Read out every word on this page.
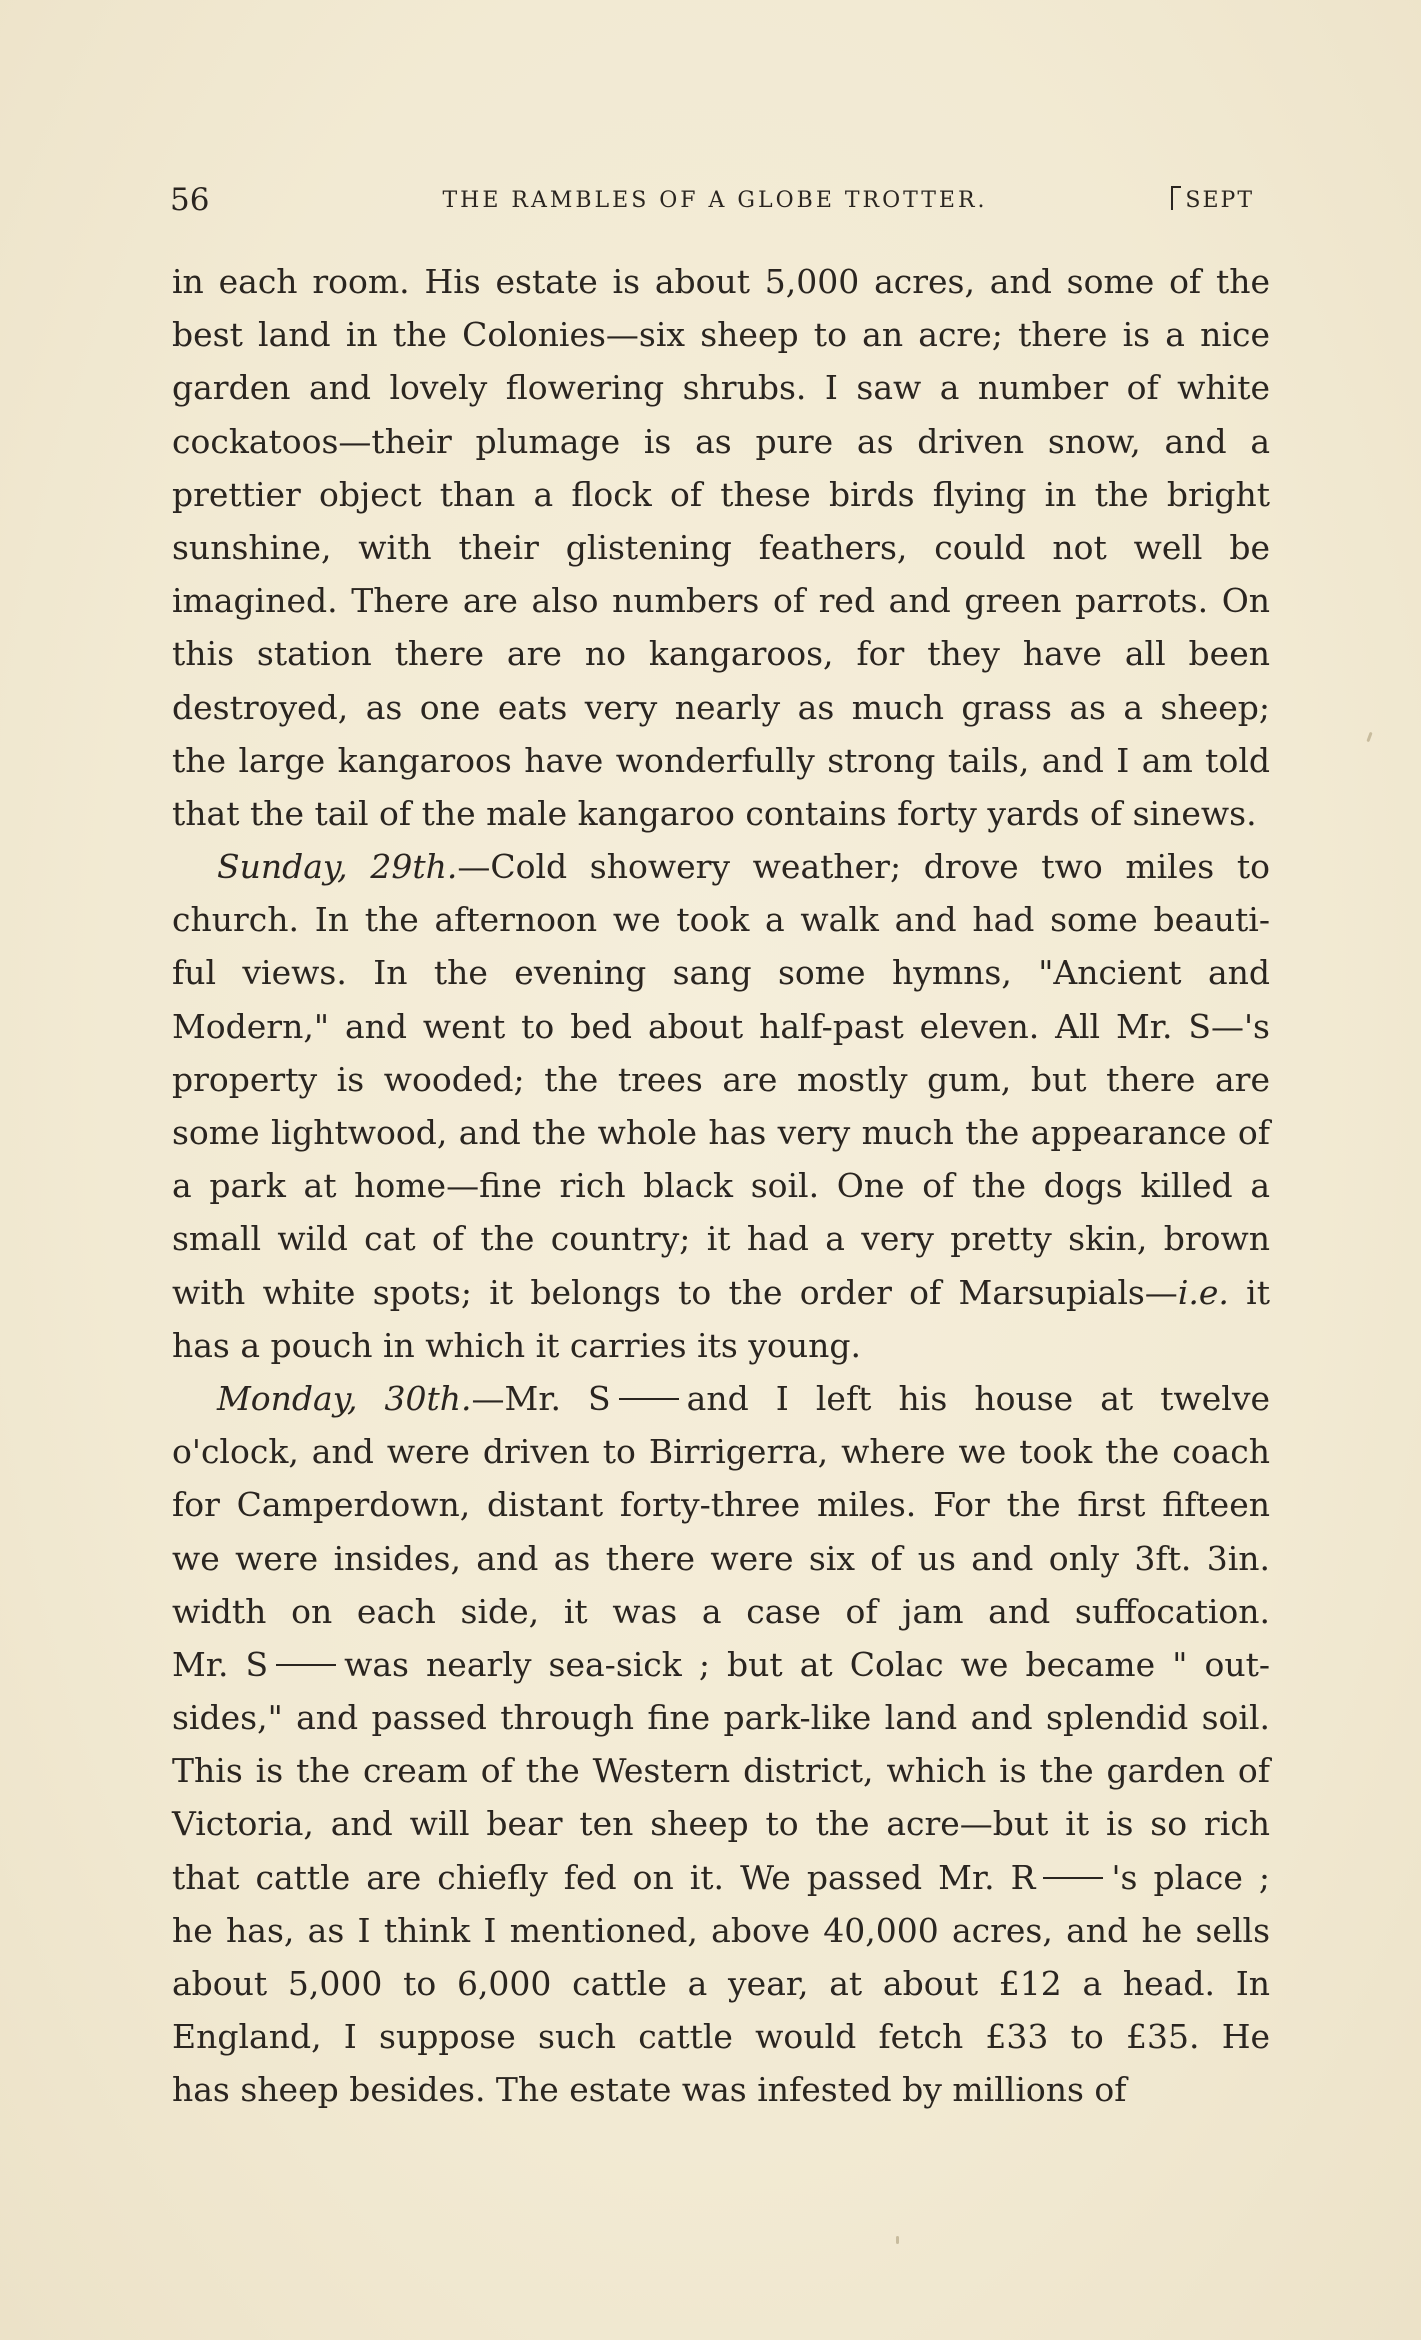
56	THE RAMBLES OF A GLOBE TROTTER.	SEPT
in each room. His estate is about 5,000 acres, and some of the
best land in the Colonies—six sheep to an acre; there is a nice
garden and lovely flowering shrubs. I saw a number of white
cockatoos—their plumage is as pure as driven snow, and a
prettier object than a flock of these birds flying in the bright
sunshine, with their glistening feathers, could not well be
imagined. There are also numbers of red and green parrots. On
this station there are no kangaroos, for they have all been
destroyed, as one eats very nearly as much grass as a sheep;
the large kangaroos have wonderfully strong tails, and I am told
that the tail of the male kangaroo contains forty yards of sinews.
Sunday, 29th.—Cold showery weather; drove two miles to
church. In the afternoon we took a walk and had some beauti-
ful views. In the evening sang some hymns, "Ancient and
Modern," and went to bed about half-past eleven. All Mr. S—'s
property is wooded; the trees are mostly gum, but there are
some lightwood, and the whole has very much the appearance of
a park at home—fine rich black soil. One of the dogs killed a
small wild cat of the country; it had a very pretty skin, brown
with white spots; it belongs to the order of Marsupials—i.e. it
has a pouch in which it carries its young.
Monday, 30th.—Mr. S and I left his house at twelve
o'clock, and were driven to Birrigerra, where we took the coach
for Camperdown, distant forty-three miles. For the first fifteen
we were insides, and as there were six of us and only 3ft. 3in.
width on each side, it was a case of jam and suffocation.
Mr. S was nearly sea-sick ; but at Colac we became " out-
sides," and passed through fine park-like land and splendid soil.
This is the cream of the Western district, which is the garden of
Victoria, and will bear ten sheep to the acre—but it is so rich
that cattle are chiefly fed on it. We passed Mr. R 's place ;
he has, as I think I mentioned, above 40,000 acres, and he sells
about 5,000 to 6,000 cattle a year, at about £12 a head. In
England, I suppose such cattle would fetch £33 to £35. He
has sheep besides. The estate was infested by millions of
